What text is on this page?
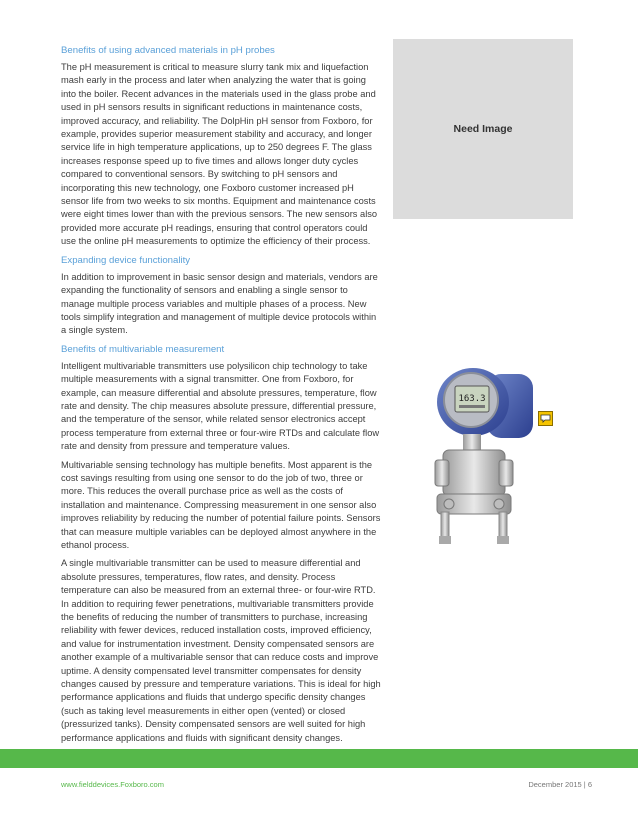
Benefits of using advanced materials in pH probes

The pH measurement is critical to measure slurry tank mix and liquefaction mash early in the process and later when analyzing the water that is going into the boiler. Recent advances in the materials used in the glass probe and used in pH sensors results in significant reductions in maintenance costs, improved accuracy, and reliability. The DolpHin pH sensor from Foxboro, for example, provides superior measurement stability and accuracy, and longer service life in high temperature applications, up to 250 degrees F. The glass increases response speed up to five times and allows longer duty cycles compared to conventional sensors. By switching to pH sensors and incorporating this new technology, one Foxboro customer increased pH sensor life from two weeks to six months. Equipment and maintenance costs were eight times lower than with the previous sensors. The new sensors also provided more accurate pH readings, ensuring that control operators could use the online pH measurements to optimize the efficiency of their process.

Expanding device functionality

In addition to improvement in basic sensor design and materials, vendors are expanding the functionality of sensors and enabling a single sensor to manage multiple process variables and multiple phases of a process. New tools simplify integration and management of multiple device protocols within a single system.

Benefits of multivariable measurement

Intelligent multivariable transmitters use polysilicon chip technology to take multiple measurements with a signal transmitter. One from Foxboro, for example, can measure differential and absolute pressures, temperature, flow rate and density. The chip measures absolute pressure, differential pressure, and the temperature of the sensor, while related sensor electronics accept process temperature from external three or four-wire RTDs and calculate flow rate and density from pressure and temperature values.

Multivariable sensing technology has multiple benefits. Most apparent is the cost savings resulting from using one sensor to do the job of two, three or more. This reduces the overall purchase price as well as the costs of installation and maintenance. Compressing measurement in one sensor also improves reliability by reducing the number of potential failure points. Sensors that can measure multiple variables can be deployed almost anywhere in the ethanol process.

A single multivariable transmitter can be used to measure differential and absolute pressures, temperatures, flow rates, and density. Process temperature can also be measured from an external three- or four-wire RTD. In addition to requiring fewer penetrations, multivariable transmitters provide the benefits of reducing the number of transmitters to purchase, increasing reliability with fewer devices, reduced installation costs, improved efficiency, and value for instrumentation investment. Density compensated sensors are another example of a multivariable sensor that can reduce costs and improve uptime. A density compensated level transmitter compensates for density changes caused by pressure and temperature variations. This is ideal for high performance applications and fluids that undergo specific density changes (such as taking level measurements in either open (vented) or closed (pressurized tanks). Density compensated sensors are well suited for high performance applications and fluids with significant density changes.

Need Image
163.3
www.fielddevices.Foxboro.com	December 2015 | 6
